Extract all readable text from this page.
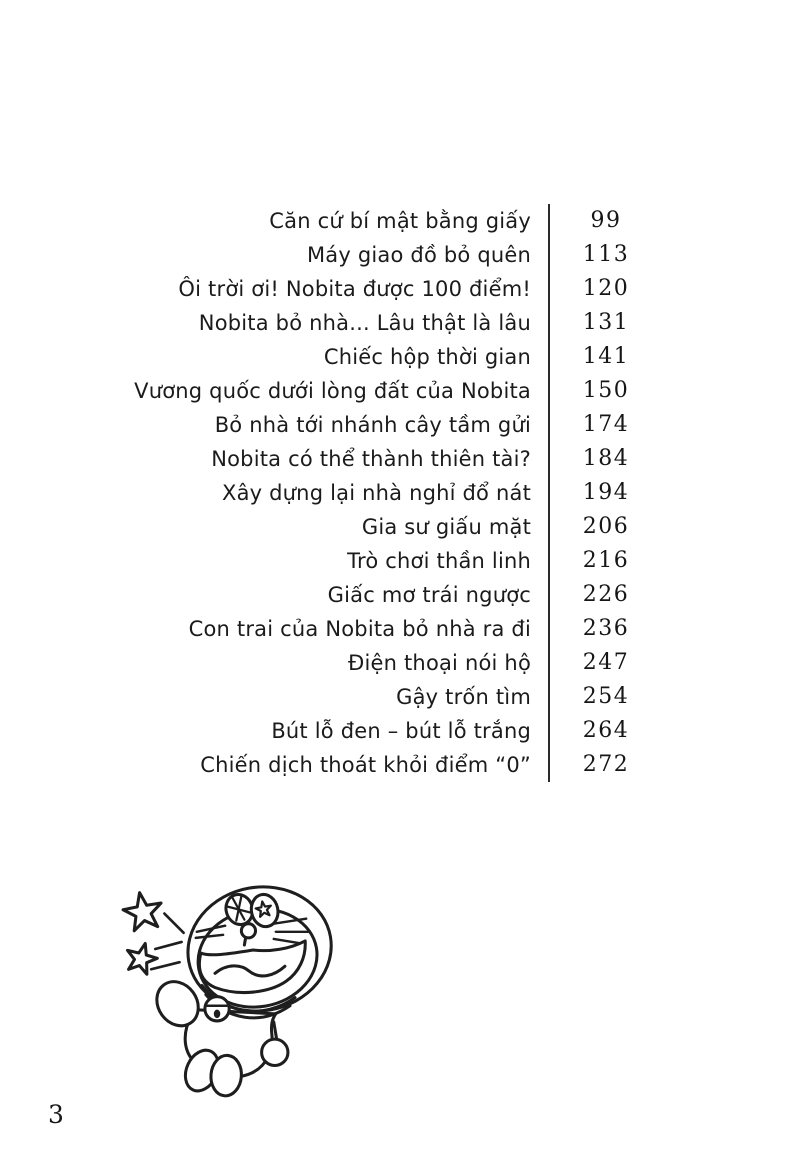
Căn cứ bí mật bằng giấy	99
Máy giao đồ bỏ quên	113
Ôi trời ơi! Nobita được 100 điểm!	120
Nobita bỏ nhà... Lâu thật là lâu	131
Chiếc hộp thời gian	141
Vương quốc dưới lòng đất của Nobita	150
Bỏ nhà tới nhánh cây tầm gửi	174
Nobita có thể thành thiên tài?	184
Xây dựng lại nhà nghỉ đổ nát	194
Gia sư giấu mặt	206
Trò chơi thần linh	216
Giấc mơ trái ngược	226
Con trai của Nobita bỏ nhà ra đi	236
Điện thoại nói hộ	247
Gậy trốn tìm	254
Bút lỗ đen – bút lỗ trắng	264
Chiến dịch thoát khỏi điểm “0”	272
3
